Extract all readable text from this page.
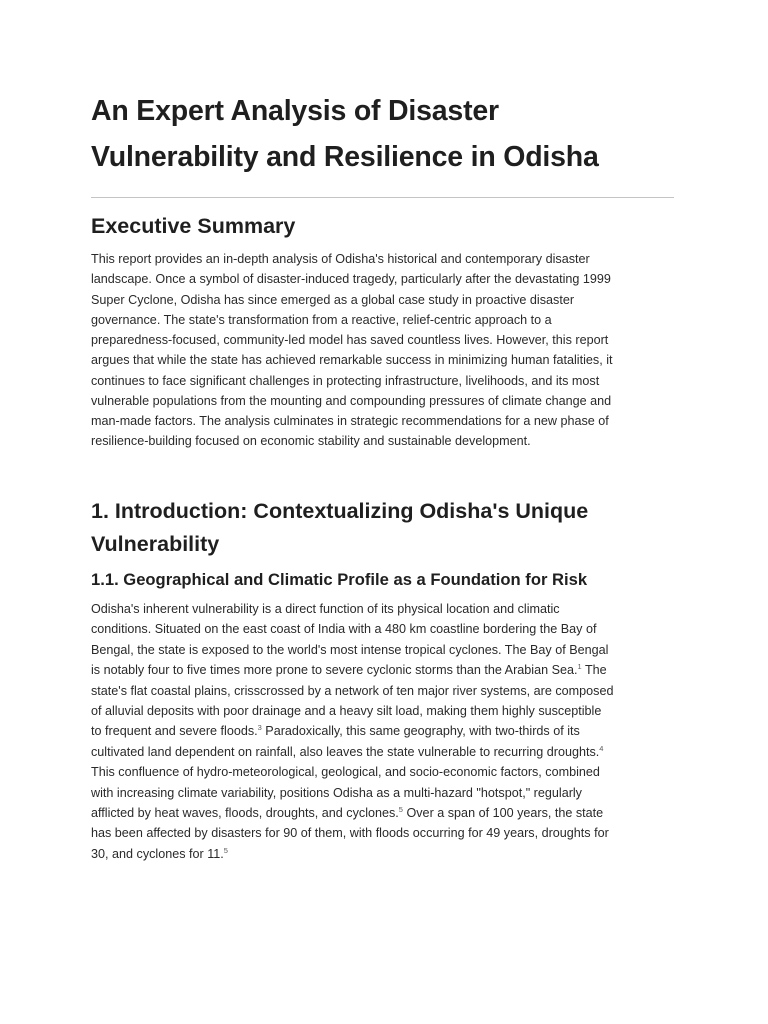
An Expert Analysis of Disaster
Vulnerability and Resilience in Odisha
Executive Summary

This report provides an in-depth analysis of Odisha's historical and contemporary disaster
landscape. Once a symbol of disaster-induced tragedy, particularly after the devastating 1999
Super Cyclone, Odisha has since emerged as a global case study in proactive disaster
governance. The state's transformation from a reactive, relief-centric approach to a
preparedness-focused, community-led model has saved countless lives. However, this report
argues that while the state has achieved remarkable success in minimizing human fatalities, it
continues to face significant challenges in protecting infrastructure, livelihoods, and its most
vulnerable populations from the mounting and compounding pressures of climate change and
man-made factors. The analysis culminates in strategic recommendations for a new phase of
resilience-building focused on economic stability and sustainable development.

1. Introduction: Contextualizing Odisha's Unique
Vulnerability
1.1. Geographical and Climatic Profile as a Foundation for Risk

Odisha's inherent vulnerability is a direct function of its physical location and climatic
conditions. Situated on the east coast of India with a 480 km coastline bordering the Bay of
Bengal, the state is exposed to the world's most intense tropical cyclones. The Bay of Bengal
is notably four to five times more prone to severe cyclonic storms than the Arabian Sea.$^1$ The
state's flat coastal plains, crisscrossed by a network of ten major river systems, are composed
of alluvial deposits with poor drainage and a heavy silt load, making them highly susceptible
to frequent and severe floods.$^3$ Paradoxically, this same geography, with two-thirds of its
cultivated land dependent on rainfall, also leaves the state vulnerable to recurring droughts.$^4$
This confluence of hydro-meteorological, geological, and socio-economic factors, combined
with increasing climate variability, positions Odisha as a multi-hazard "hotspot," regularly
afflicted by heat waves, floods, droughts, and cyclones.$^5$ Over a span of 100 years, the state
has been affected by disasters for 90 of them, with floods occurring for 49 years, droughts for
30, and cyclones for 11.$^5$
